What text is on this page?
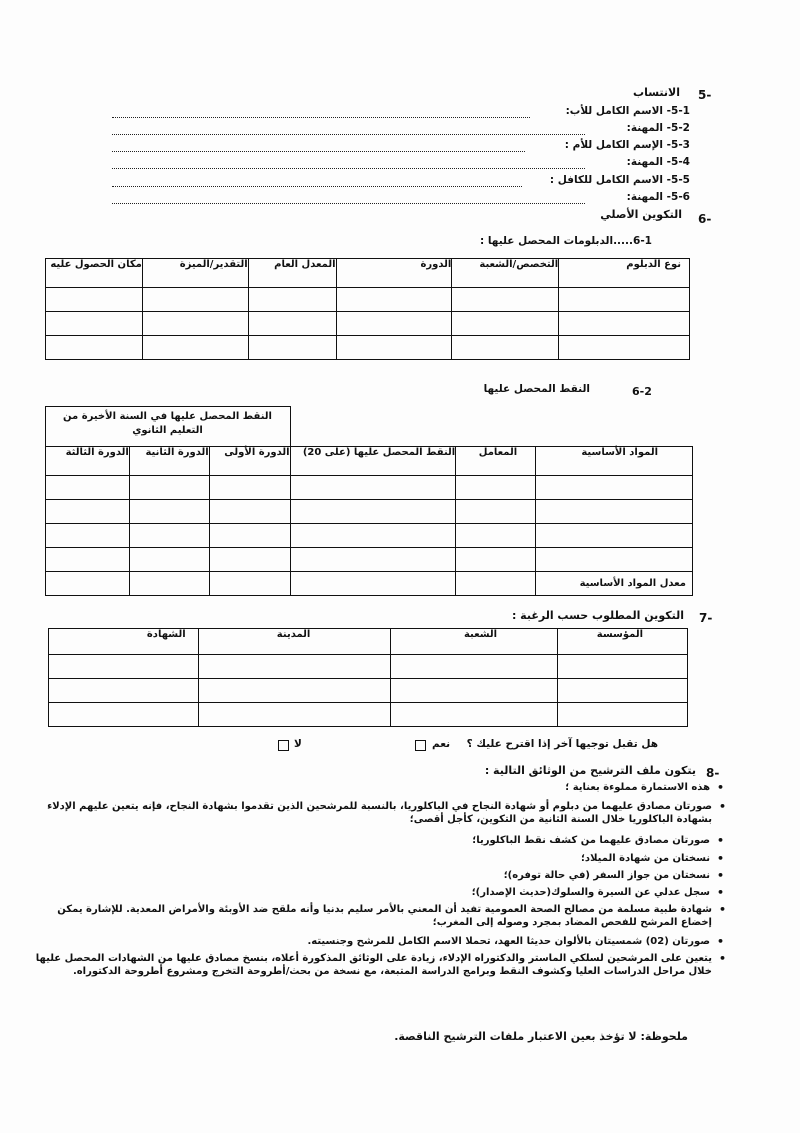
5-
الانتساب
5-1- الاسم الكامل للأب:
5-2- المهنة:
5-3- الإسم الكامل للأم :
5-4- المهنة:
5-5- الاسم الكامل للكافل :
5-6- المهنة:
6-
التكوين الأصلي
6-1.....الدبلومات المحصل عليها :
مكان الحصول عليه	التقدير/الميزة	المعدل العام	الدورة	التخصص/الشعبة	نوع الدبلوم

6-2
النقط المحصل عليها
النقط المحصل عليها في السنة الأخيرة من التعليم الثانوي
الدورة الثالثة	الدورة الثانية	الدورة الأولى	النقط المحصل عليها (على 20)	المعامل	المواد الأساسية

					معدل المواد الأساسية
7-
التكوين المطلوب حسب الرغبة :
الشهادة	المدينة	الشعبة	المؤسسة

هل تقبل توجيها آخر إذا اقترح عليك ؟
نعم
لا
8-
يتكون ملف الترشيح من الوثائق التالية :
هذه الاستمارة مملوءة بعناية ؛ •
صورتان مصادق عليهما من دبلوم أو شهادة النجاح في الباكلوريا، بالنسبة للمرشحين الذين تقدموا بشهادة النجاح، فإنه يتعين عليهم الإدلاء بشهادة الباكلوريا خلال السنة الثانية من التكوين، كأجل أقصى؛ •
صورتان مصادق عليهما من كشف نقط الباكلوريا؛ •
نسختان من شهادة الميلاد؛ •
نسختان من جواز السفر (في حالة توفره)؛ •
سجل عدلي عن السيرة والسلوك(حديث الإصدار)؛ •
شهادة طبية مسلمة من مصالح الصحة العمومية تفيد أن المعني بالأمر سليم بدنيا وأنه ملقح ضد الأوبئة والأمراض المعدية. للإشارة يمكن إخضاع المرشح للفحص المضاد بمجرد وصوله إلى المغرب؛ •
صورتان (02) شمسيتان بالألوان حديثا العهد، تحملا الاسم الكامل للمرشح وجنسيته. •
يتعين على المرشحين لسلكي الماستر والدكتوراه الإدلاء، زيادة على الوثائق المذكورة أعلاه، بنسخ مصادق عليها من الشهادات المحصل عليها خلال مراحل الدراسات العليا وكشوف النقط وبرامج الدراسة المتبعة، مع نسخة من بحث/أطروحة التخرج ومشروع أطروحة الدكتوراه. •
ملحوظة: لا تؤخذ بعين الاعتبار ملفات الترشيح الناقصة.
